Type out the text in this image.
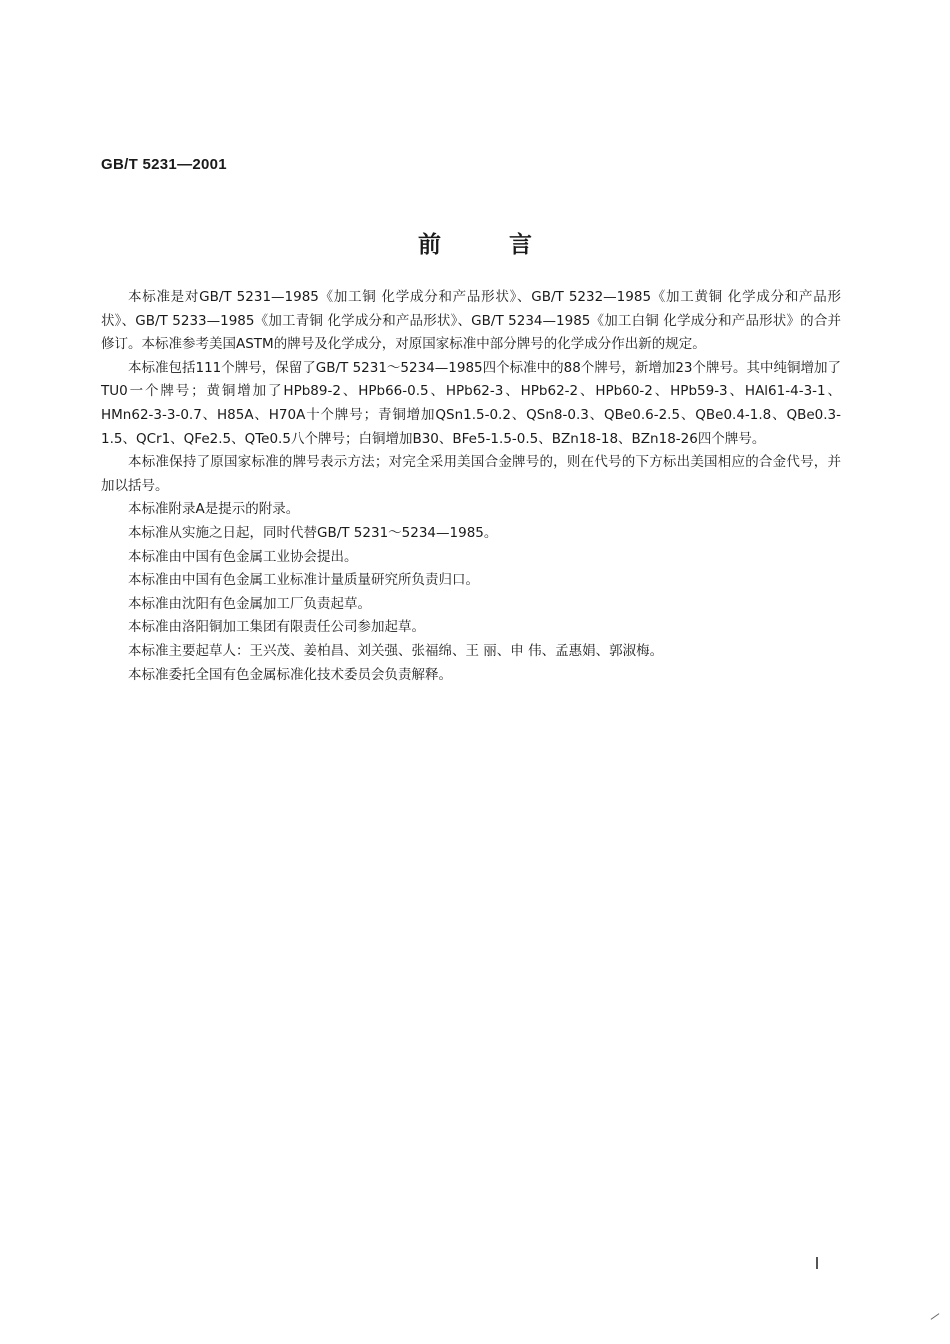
GB/T 5231—2001
前言

本标准是对GB/T 5231—1985《加工铜 化学成分和产品形状》、GB/T 5232—1985《加工黄铜 化学成分和产品形状》、GB/T 5233—1985《加工青铜 化学成分和产品形状》、GB/T 5234—1985《加工白铜 化学成分和产品形状》的合并修订。本标准参考美国ASTM的牌号及化学成分，对原国家标准中部分牌号的化学成分作出新的规定。

本标准包括111个牌号，保留了GB/T 5231～5234—1985四个标准中的88个牌号，新增加23个牌号。其中纯铜增加了TU0一个牌号；黄铜增加了HPb89-2、HPb66-0.5、HPb62-3、HPb62-2、HPb60-2、HPb59-3、HAl61-4-3-1、HMn62-3-3-0.7、H85A、H70A十个牌号；青铜增加QSn1.5-0.2、QSn8-0.3、QBe0.6-2.5、QBe0.4-1.8、QBe0.3-1.5、QCr1、QFe2.5、QTe0.5八个牌号；白铜增加B30、BFe5-1.5-0.5、BZn18-18、BZn18-26四个牌号。

本标准保持了原国家标准的牌号表示方法；对完全采用美国合金牌号的，则在代号的下方标出美国相应的合金代号，并加以括号。

本标准附录A是提示的附录。

本标准从实施之日起，同时代替GB/T 5231～5234—1985。

本标准由中国有色金属工业协会提出。

本标准由中国有色金属工业标准计量质量研究所负责归口。

本标准由沈阳有色金属加工厂负责起草。

本标准由洛阳铜加工集团有限责任公司参加起草。

本标准主要起草人：王兴茂、姜柏昌、刘关强、张福绵、王 丽、申 伟、孟惠娟、郭淑梅。

本标准委托全国有色金属标准化技术委员会负责解释。
